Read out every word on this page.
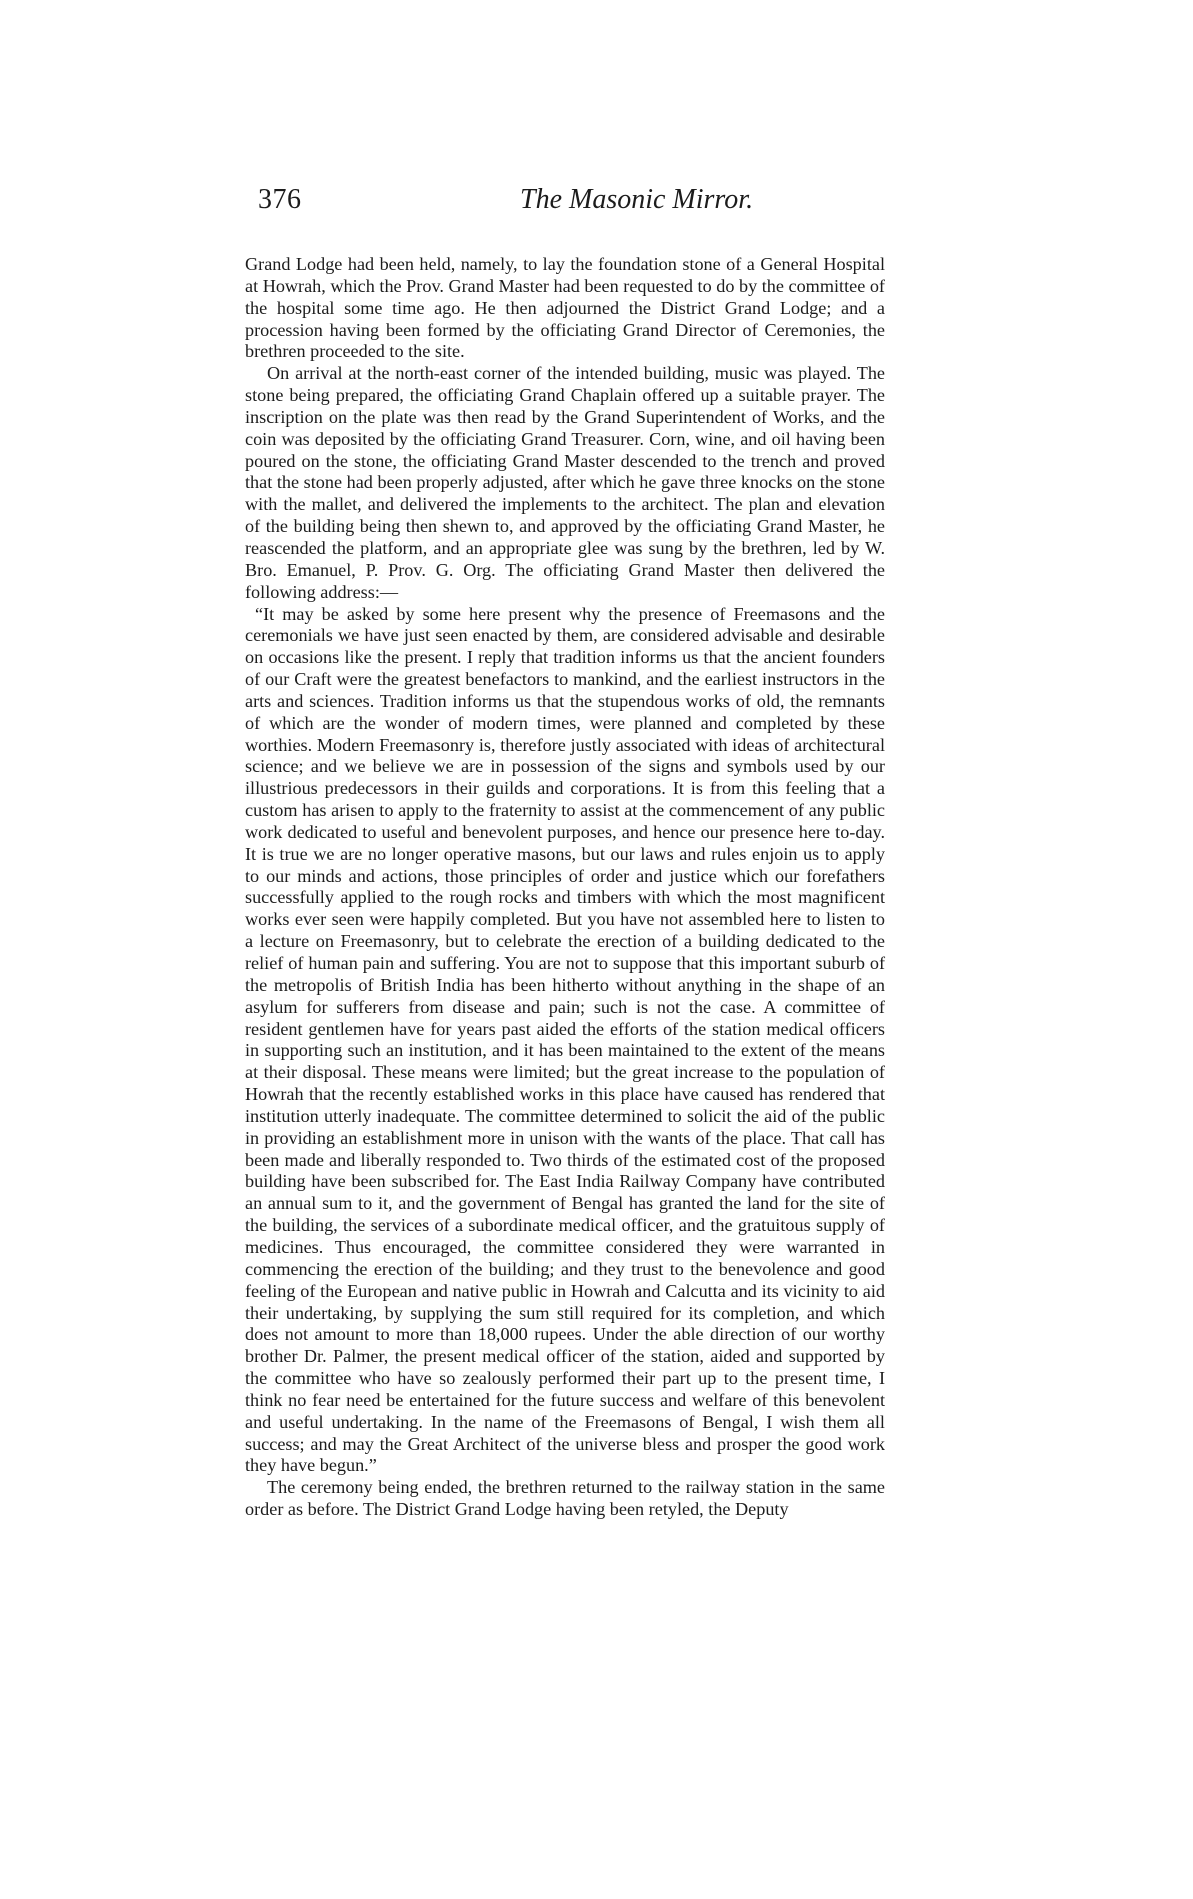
376	The Masonic Mirror.

Grand Lodge had been held, namely, to lay the foundation stone of a General Hospital at Howrah, which the Prov. Grand Master had been requested to do by the committee of the hospital some time ago. He then adjourned the District Grand Lodge; and a procession having been formed by the officiating Grand Director of Ceremonies, the brethren proceeded to the site.

On arrival at the north-east corner of the intended building, music was played. The stone being prepared, the officiating Grand Chaplain offered up a suitable prayer. The inscription on the plate was then read by the Grand Superintendent of Works, and the coin was deposited by the officiating Grand Treasurer. Corn, wine, and oil having been poured on the stone, the officiating Grand Master descended to the trench and proved that the stone had been properly adjusted, after which he gave three knocks on the stone with the mallet, and delivered the implements to the architect. The plan and elevation of the building being then shewn to, and approved by the officiating Grand Master, he reascended the platform, and an appropriate glee was sung by the brethren, led by W. Bro. Emanuel, P. Prov. G. Org. The officiating Grand Master then delivered the following address:—

“It may be asked by some here present why the presence of Freemasons and the ceremonials we have just seen enacted by them, are considered advisable and desirable on occasions like the present. I reply that tradition informs us that the ancient founders of our Craft were the greatest benefactors to mankind, and the earliest instructors in the arts and sciences. Tradition informs us that the stupendous works of old, the remnants of which are the wonder of modern times, were planned and completed by these worthies. Modern Freemasonry is, therefore justly associated with ideas of architectural science; and we believe we are in possession of the signs and symbols used by our illustrious predecessors in their guilds and corporations. It is from this feeling that a custom has arisen to apply to the fraternity to assist at the commencement of any public work dedicated to useful and benevolent purposes, and hence our presence here to-day. It is true we are no longer operative masons, but our laws and rules enjoin us to apply to our minds and actions, those principles of order and justice which our forefathers successfully applied to the rough rocks and timbers with which the most magnificent works ever seen were happily completed. But you have not assembled here to listen to a lecture on Freemasonry, but to celebrate the erection of a building dedicated to the relief of human pain and suffering. You are not to suppose that this important suburb of the metropolis of British India has been hitherto without anything in the shape of an asylum for sufferers from disease and pain; such is not the case. A committee of resident gentlemen have for years past aided the efforts of the station medical officers in supporting such an institution, and it has been maintained to the extent of the means at their disposal. These means were limited; but the great increase to the population of Howrah that the recently established works in this place have caused has rendered that institution utterly inadequate. The committee determined to solicit the aid of the public in providing an establishment more in unison with the wants of the place. That call has been made and liberally responded to. Two thirds of the estimated cost of the proposed building have been subscribed for. The East India Railway Company have contributed an annual sum to it, and the government of Bengal has granted the land for the site of the building, the services of a subordinate medical officer, and the gratuitous supply of medicines. Thus encouraged, the committee considered they were warranted in commencing the erection of the building; and they trust to the benevolence and good feeling of the European and native public in Howrah and Calcutta and its vicinity to aid their undertaking, by supplying the sum still required for its completion, and which does not amount to more than 18,000 rupees. Under the able direction of our worthy brother Dr. Palmer, the present medical officer of the station, aided and supported by the committee who have so zealously performed their part up to the present time, I think no fear need be entertained for the future success and welfare of this benevolent and useful undertaking. In the name of the Freemasons of Bengal, I wish them all success; and may the Great Architect of the universe bless and prosper the good work they have begun.”

The ceremony being ended, the brethren returned to the railway station in the same order as before. The District Grand Lodge having been retyled, the Deputy
